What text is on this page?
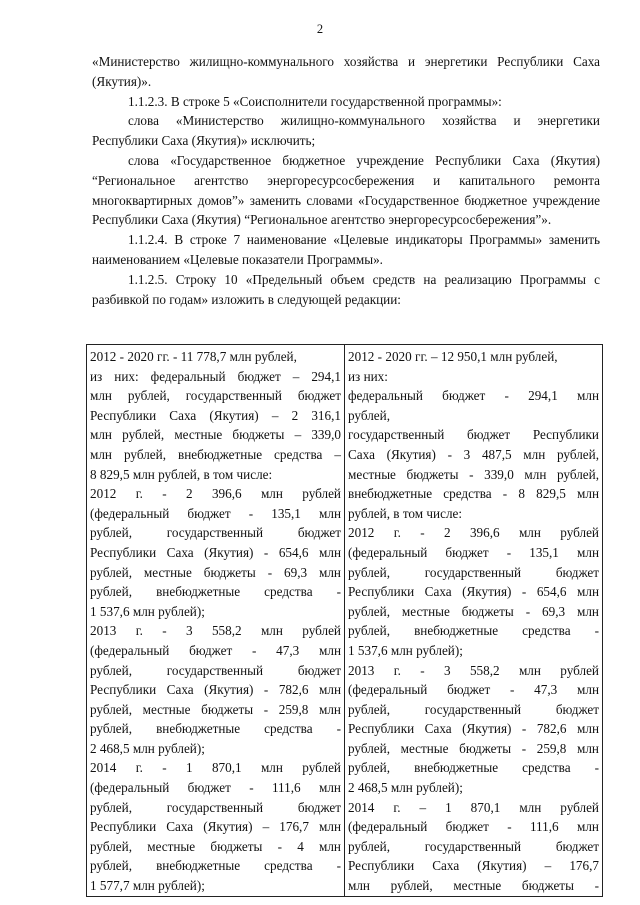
2

«Министерство жилищно-коммунального хозяйства и энергетики Республики Саха (Якутия)».

1.1.2.3. В строке 5 «Соисполнители государственной программы»:

слова «Министерство жилищно-коммунального хозяйства и энергетики Республики Саха (Якутия)» исключить;

слова «Государственное бюджетное учреждение Республики Саха (Якутия) “Региональное агентство энергоресурсосбережения и капитального ремонта многоквартирных домов”» заменить словами «Государственное бюджетное учреждение Республики Саха (Якутия) “Региональное агентство энергоресурсосбережения”».

1.1.2.4. В строке 7 наименование «Целевые индикаторы Программы» заменить наименованием «Целевые показатели Программы».

1.1.2.5. Строку 10 «Предельный объем средств на реализацию Программы с разбивкой по годам» изложить в следующей редакции:

2012 - 2020 гг. - 11 778,7 млн рублей,
из них: федеральный бюджет – 294,1
млн рублей, государственный бюджет
Республики Саха (Якутия) – 2 316,1
млн рублей, местные бюджеты – 339,0
млн рублей, внебюджетные средства –
8 829,5 млн рублей, в том числе:
2012 г. - 2 396,6 млн рублей
(федеральный бюджет - 135,1 млн
рублей, государственный бюджет
Республики Саха (Якутия) - 654,6 млн
рублей, местные бюджеты - 69,3 млн
рублей, внебюджетные средства -
1 537,6 млн рублей);
2013 г. - 3 558,2 млн рублей
(федеральный бюджет - 47,3 млн
рублей, государственный бюджет
Республики Саха (Якутия) - 782,6 млн
рублей, местные бюджеты - 259,8 млн
рублей, внебюджетные средства -
2 468,5 млн рублей);
2014 г. - 1 870,1 млн рублей
(федеральный бюджет - 111,6 млн
рублей, государственный бюджет
Республики Саха (Якутия) – 176,7 млн
рублей, местные бюджеты - 4 млн
рублей, внебюджетные средства -
1 577,7 млн рублей);

2012 - 2020 гг. – 12 950,1 млн рублей,
из них:
федеральный бюджет - 294,1 млн
рублей,
государственный бюджет Республики
Саха (Якутия) - 3 487,5 млн рублей,
местные бюджеты - 339,0 млн рублей,
внебюджетные средства - 8 829,5 млн
рублей, в том числе:
2012 г. - 2 396,6 млн рублей
(федеральный бюджет - 135,1 млн
рублей, государственный бюджет
Республики Саха (Якутия) - 654,6 млн
рублей, местные бюджеты - 69,3 млн
рублей, внебюджетные средства -
1 537,6 млн рублей);
2013 г. - 3 558,2 млн рублей
(федеральный бюджет - 47,3 млн
рублей, государственный бюджет
Республики Саха (Якутия) - 782,6 млн
рублей, местные бюджеты - 259,8 млн
рублей, внебюджетные средства -
2 468,5 млн рублей);
2014 г. – 1 870,1 млн рублей
(федеральный бюджет - 111,6 млн
рублей, государственный бюджет
Республики Саха (Якутия) – 176,7
млн рублей, местные бюджеты -
